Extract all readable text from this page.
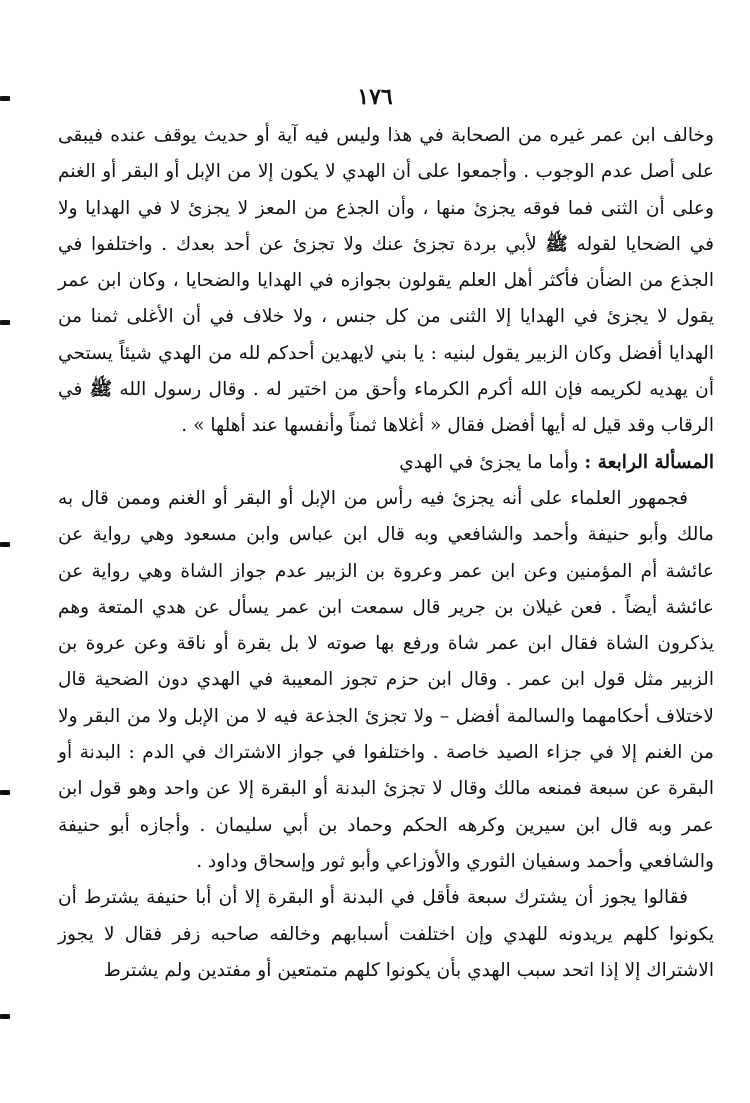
١٧٦

وخالف ابن عمر غيره من الصحابة في هذا وليس فيه آية أو حديث يوقف عنده فيبقى على أصل عدم الوجوب . وأجمعوا على أن الهدي لا يكون إلا من الإبل أو البقر أو الغنم وعلى أن الثنى فما فوقه يجزئ منها ، وأن الجذع من المعز لا يجزئ لا في الهدايا ولا في الضحايا لقوله ﷺ لأبي بردة تجزئ عنك ولا تجزئ عن أحد بعدك . واختلفوا في الجذع من الضأن فأكثر أهل العلم يقولون بجوازه في الهدايا والضحايا ، وكان ابن عمر يقول لا يجزئ في الهدايا إلا الثنى من كل جنس ، ولا خلاف في أن الأغلى ثمنا من الهدايا أفضل وكان الزبير يقول لبنيه : يا بني لايهدين أحدكم لله من الهدي شيئاً يستحي أن يهديه لكريمه فإن الله أكرم الكرماء وأحق من اختير له . وقال رسول الله ﷺ في الرقاب وقد قيل له أيها أفضل فقال « أغلاها ثمناً وأنفسها عند أهلها » .

المسألة الرابعة : وأما ما يجزئ في الهدي

فجمهور العلماء على أنه يجزئ فيه رأس من الإبل أو البقر أو الغنم وممن قال به مالك وأبو حنيفة وأحمد والشافعي وبه قال ابن عباس وابن مسعود وهي رواية عن عائشة أم المؤمنين وعن ابن عمر وعروة بن الزبير عدم جواز الشاة وهي رواية عن عائشة أيضاً . فعن غيلان بن جرير قال سمعت ابن عمر يسأل عن هدي المتعة وهم يذكرون الشاة فقال ابن عمر شاة ورفع بها صوته لا بل بقرة أو ناقة وعن عروة بن الزبير مثل قول ابن عمر . وقال ابن حزم تجوز المعيبة في الهدي دون الضحية قال لاختلاف أحكامهما والسالمة أفضل – ولا تجزئ الجذعة فيه لا من الإبل ولا من البقر ولا من الغنم إلا في جزاء الصيد خاصة . واختلفوا في جواز الاشتراك في الدم : البدنة أو البقرة عن سبعة فمنعه مالك وقال لا تجزئ البدنة أو البقرة إلا عن واحد وهو قول ابن عمر وبه قال ابن سيرين وكرهه الحكم وحماد بن أبي سليمان . وأجازه أبو حنيفة والشافعي وأحمد وسفيان الثوري والأوزاعي وأبو ثور وإسحاق وداود .

فقالوا يجوز أن يشترك سبعة فأقل في البدنة أو البقرة إلا أن أبا حنيفة يشترط أن يكونوا كلهم يريدونه للهدي وإن اختلفت أسبابهم وخالفه صاحبه زفر فقال لا يجوز الاشتراك إلا إذا اتحد سبب الهدي بأن يكونوا كلهم متمتعين أو مفتدين ولم يشترط
